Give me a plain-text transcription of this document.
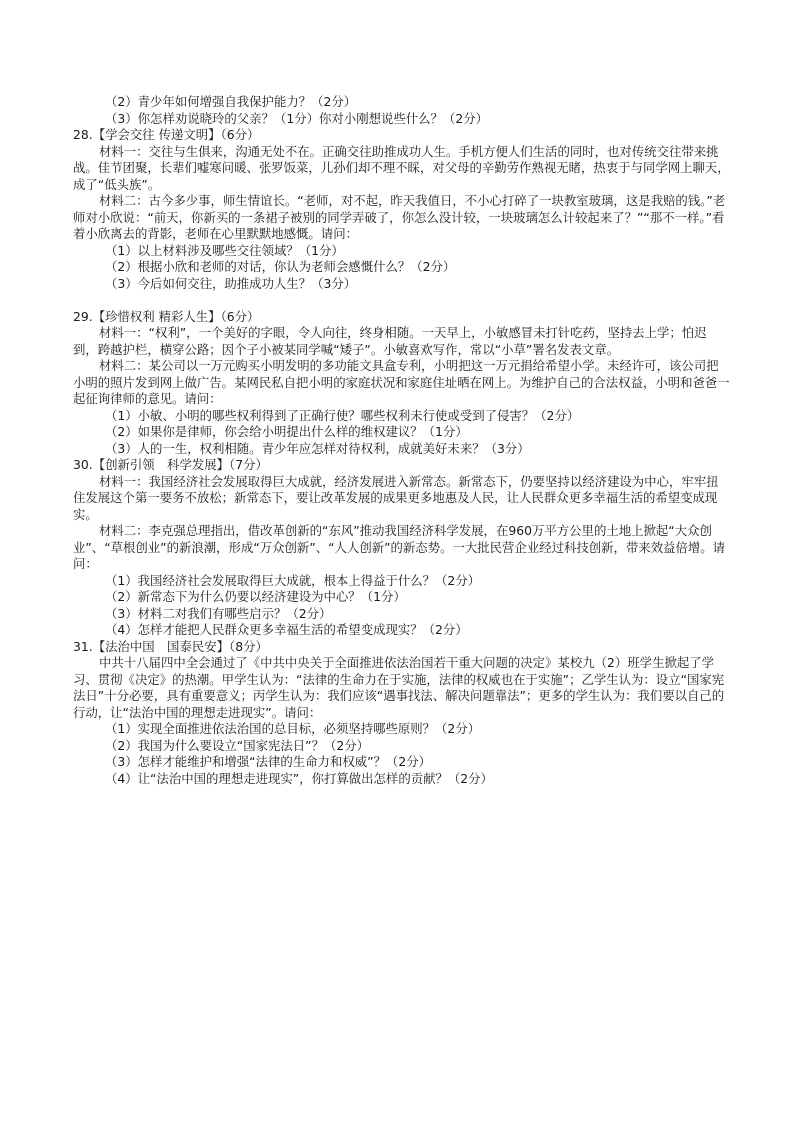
（2）青少年如何增强自我保护能力？（2分）
（3）你怎样劝说晓玲的父亲？（1分）你对小刚想说些什么？（2分）
28.【学会交往 传递文明】（6分）
材料一：交往与生俱来，沟通无处不在。正确交往助推成功人生。手机方便人们生活的同时，也对传统交往带来挑战。佳节团聚，长辈们嘘寒问暖、张罗饭菜，儿孙们却不理不睬，对父母的辛勤劳作熟视无睹，热衷于与同学网上聊天，成了“低头族”。
材料二：古今多少事，师生情谊长。“老师，对不起，昨天我值日，不小心打碎了一块教室玻璃，这是我赔的钱。”老师对小欣说：“前天，你新买的一条裙子被别的同学弄破了，你怎么没计较，一块玻璃怎么计较起来了？”“那不一样。”看着小欣离去的背影，老师在心里默默地感慨。请问：
（1）以上材料涉及哪些交往领域？（1分）
（2）根据小欣和老师的对话，你认为老师会感慨什么？（2分）
（3）今后如何交往，助推成功人生？（3分）
29.【珍惜权利 精彩人生】（6分）
材料一：“权利”，一个美好的字眼，令人向往，终身相随。一天早上，小敏感冒未打针吃药，坚持去上学；怕迟到，跨越护栏，横穿公路；因个子小被某同学喊“矮子”。小敏喜欢写作，常以“小草”署名发表文章。
材料二：某公司以一万元购买小明发明的多功能文具盒专利，小明把这一万元捐给希望小学。未经许可，该公司把小明的照片发到网上做广告。某网民私自把小明的家庭状况和家庭住址晒在网上。为维护自己的合法权益，小明和爸爸一起征询律师的意见。请问：
（1）小敏、小明的哪些权利得到了正确行使？哪些权利未行使或受到了侵害？（2分）
（2）如果你是律师，你会给小明提出什么样的维权建议？（1分）
（3）人的一生，权利相随。青少年应怎样对待权利，成就美好未来？（3分）
30.【创新引领　科学发展】（7分）
材料一：我国经济社会发展取得巨大成就，经济发展进入新常态。新常态下，仍要坚持以经济建设为中心，牢牢扭住发展这个第一要务不放松；新常态下，要让改革发展的成果更多地惠及人民，让人民群众更多幸福生活的希望变成现实。
材料二：李克强总理指出，借改革创新的“东风”推动我国经济科学发展，在960万平方公里的土地上掀起“大众创业”、“草根创业”的新浪潮，形成“万众创新”、“人人创新”的新态势。一大批民营企业经过科技创新，带来效益倍增。请问：
（1）我国经济社会发展取得巨大成就，根本上得益于什么？（2分）
（2）新常态下为什么仍要以经济建设为中心？（1分）
（3）材料二对我们有哪些启示？（2分）
（4）怎样才能把人民群众更多幸福生活的希望变成现实？（2分）
31.【法治中国　国泰民安】（8分）
中共十八届四中全会通过了《中共中央关于全面推进依法治国若干重大问题的决定》某校九（2）班学生掀起了学习、贯彻《决定》的热潮。甲学生认为：“法律的生命力在于实施，法律的权威也在于实施”；乙学生认为：设立“国家宪法日”十分必要，具有重要意义；丙学生认为：我们应该“遇事找法、解决问题靠法”；更多的学生认为：我们要以自己的行动，让“法治中国的理想走进现实”。请问：
（1）实现全面推进依法治国的总目标，必须坚持哪些原则？（2分）
（2）我国为什么要设立“国家宪法日”？（2分）
（3）怎样才能维护和增强“法律的生命力和权威”？（2分）
（4）让“法治中国的理想走进现实”，你打算做出怎样的贡献？（2分）
